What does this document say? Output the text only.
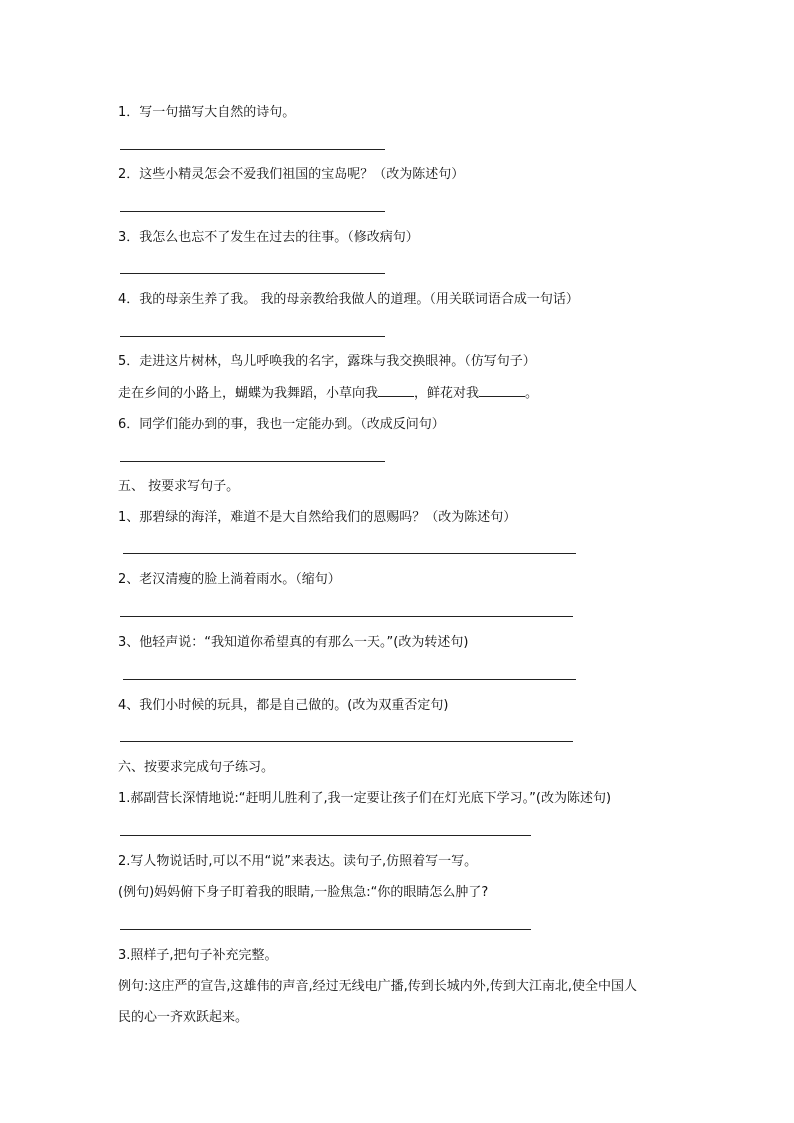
1．写一句描写大自然的诗句。
2．这些小精灵怎会不爱我们祖国的宝岛呢？（改为陈述句）
3．我怎么也忘不了发生在过去的往事。（修改病句）
4．我的母亲生养了我。 我的母亲教给我做人的道理。（用关联词语合成一句话）
5．走进这片树林，鸟儿呼唤我的名字，露珠与我交换眼神。（仿写句子）
走在乡间的小路上，蝴蝶为我舞蹈，小草向我	，鲜花对我	。
6．同学们能办到的事，我也一定能办到。（改成反问句）
五、 按要求写句子。
1、那碧绿的海洋，难道不是大自然给我们的恩赐吗？（改为陈述句）
2、老汉清瘦的脸上淌着雨水。（缩句）
3、他轻声说：“我知道你希望真的有那么一天。”(改为转述句)
4、我们小时候的玩具，都是自己做的。(改为双重否定句)
六、按要求完成句子练习。
1.郝副营长深情地说:“赶明儿胜利了,我一定要让孩子们在灯光底下学习。”(改为陈述句)
2.写人物说话时,可以不用“说”来表达。读句子,仿照着写一写。
(例句)妈妈俯下身子盯着我的眼睛,一脸焦急:“你的眼睛怎么肿了?
3.照样子,把句子补充完整。
例句:这庄严的宣告,这雄伟的声音,经过无线电广播,传到长城内外,传到大江南北,使全中国人
民的心一齐欢跃起来。
